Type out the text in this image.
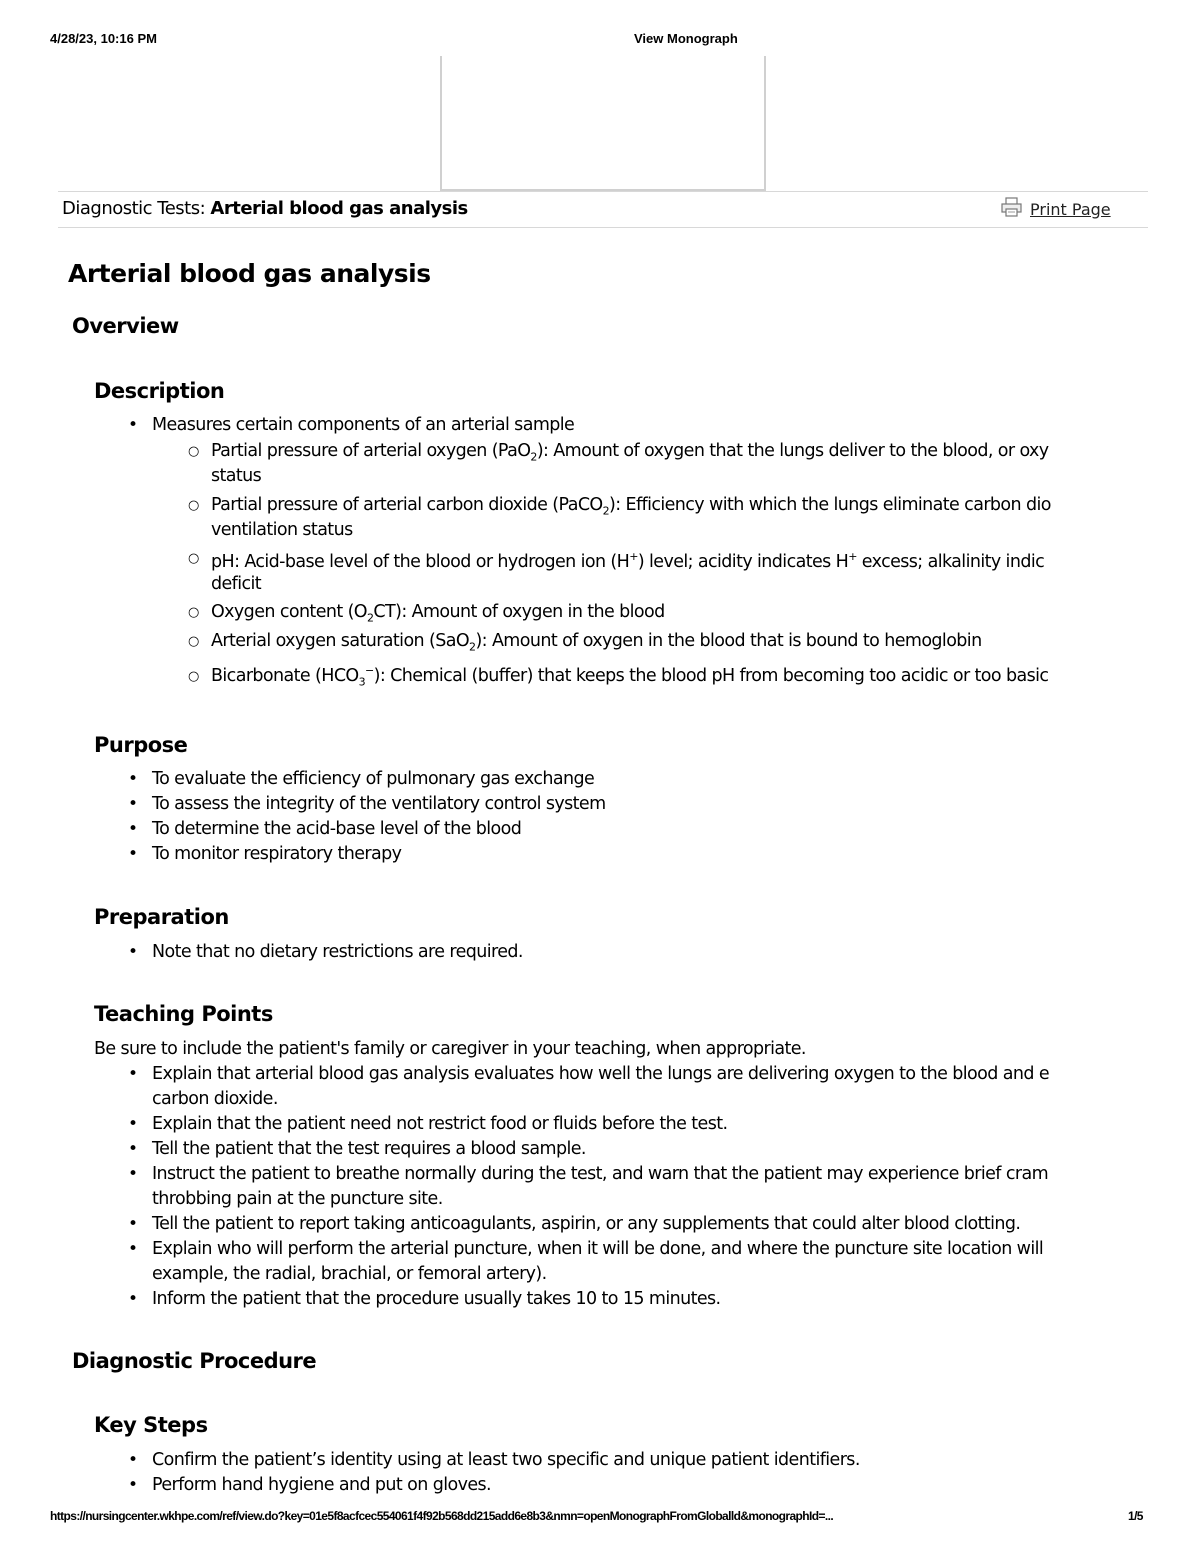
4/28/23, 10:16 PM	View Monograph
Diagnostic Tests: Arterial blood gas analysis	Print Page
Arterial blood gas analysis
Overview
Description
• Measures certain components of an arterial sample
○ Partial pressure of arterial oxygen (PaO$_2$): Amount of oxygen that the lungs deliver to the blood, or oxy
status
○ Partial pressure of arterial carbon dioxide (PaCO$_2$): Efficiency with which the lungs eliminate carbon dio
ventilation status
○ pH: Acid-base level of the blood or hydrogen ion (H+) level; acidity indicates H+ excess; alkalinity indic
deficit
○ Oxygen content $(O_2CT)$: Amount of oxygen in the blood
○ Arterial oxygen saturation (SaO$_2$): Amount of oxygen in the blood that is bound to hemoglobin
○ Bicarbonate $(HCO_3^-)$: Chemical (buffer) that keeps the blood pH from becoming too acidic or too basic
Purpose
• To evaluate the efficiency of pulmonary gas exchange
• To assess the integrity of the ventilatory control system
• To determine the acid-base level of the blood
• To monitor respiratory therapy
Preparation
• Note that no dietary restrictions are required.
Teaching Points
Be sure to include the patient's family or caregiver in your teaching, when appropriate.
• Explain that arterial blood gas analysis evaluates how well the lungs are delivering oxygen to the blood and e
carbon dioxide.
• Explain that the patient need not restrict food or fluids before the test.
• Tell the patient that the test requires a blood sample.
• Instruct the patient to breathe normally during the test, and warn that the patient may experience brief cram
throbbing pain at the puncture site.
• Tell the patient to report taking anticoagulants, aspirin, or any supplements that could alter blood clotting.
• Explain who will perform the arterial puncture, when it will be done, and where the puncture site location will
example, the radial, brachial, or femoral artery).
• Inform the patient that the procedure usually takes 10 to 15 minutes.
Diagnostic Procedure
Key Steps
• Confirm the patient’s identity using at least two specific and unique patient identifiers.
• Perform hand hygiene and put on gloves.
https://nursingcenter.wkhpe.com/ref/view.do?key=01e5f8acfcec554061f4f92b568dd215add6e8b3&nmn=openMonographFromGloballd&monographId=...	1/5
